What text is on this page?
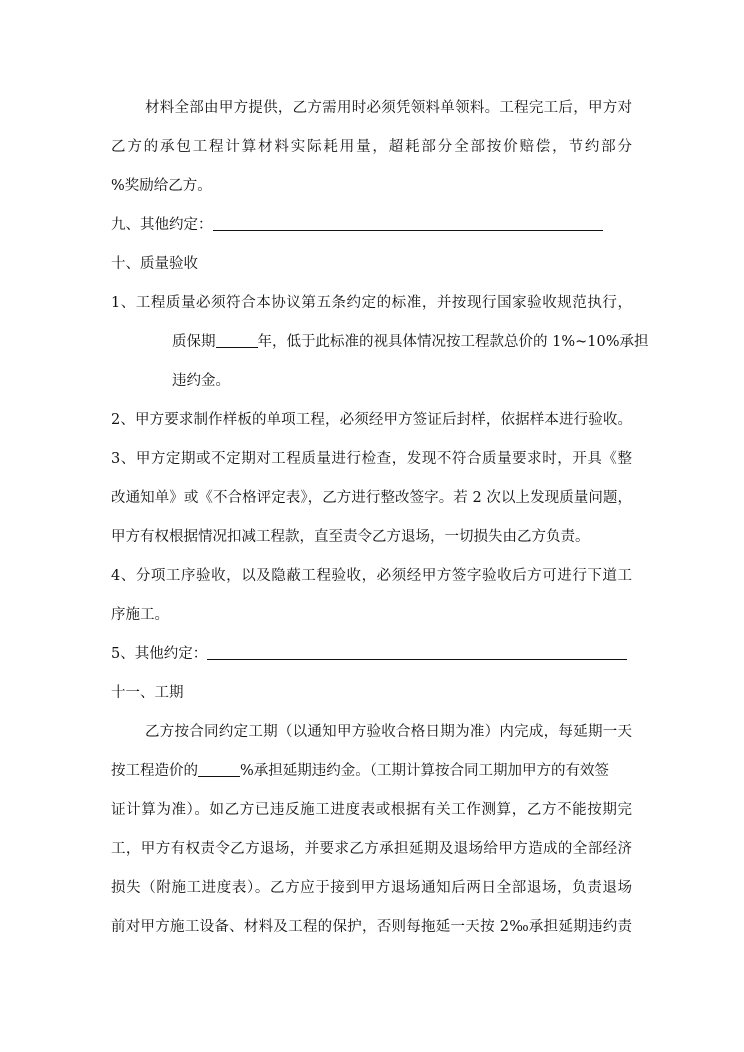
材料全部由甲方提供，乙方需用时必须凭领料单领料。工程完工后，甲方对
乙方的承包工程计算材料实际耗用量，超耗部分全部按价赔偿，节约部分
%奖励给乙方。
九、其他约定：
十、质量验收
1、工程质量必须符合本协议第五条约定的标准，并按现行国家验收规范执行，
质保期	年，低于此标准的视具体情况按工程款总价的 1%~10%承担
违约金。
2、甲方要求制作样板的单项工程，必须经甲方签证后封样，依据样本进行验收。
3、甲方定期或不定期对工程质量进行检查，发现不符合质量要求时，开具《整
改通知单》或《不合格评定表》，乙方进行整改签字。若 2 次以上发现质量问题，
甲方有权根据情况扣减工程款，直至责令乙方退场，一切损失由乙方负责。
4、分项工序验收，以及隐蔽工程验收，必须经甲方签字验收后方可进行下道工
序施工。
5、其他约定：
十一、工期
乙方按合同约定工期（以通知甲方验收合格日期为准）内完成，每延期一天
按工程造价的	%承担延期违约金。（工期计算按合同工期加甲方的有效签
证计算为准）。如乙方已违反施工进度表或根据有关工作测算，乙方不能按期完
工，甲方有权责令乙方退场，并要求乙方承担延期及退场给甲方造成的全部经济
损失（附施工进度表）。乙方应于接到甲方退场通知后两日全部退场，负责退场
前对甲方施工设备、材料及工程的保护，否则每拖延一天按 2‰承担延期违约责
